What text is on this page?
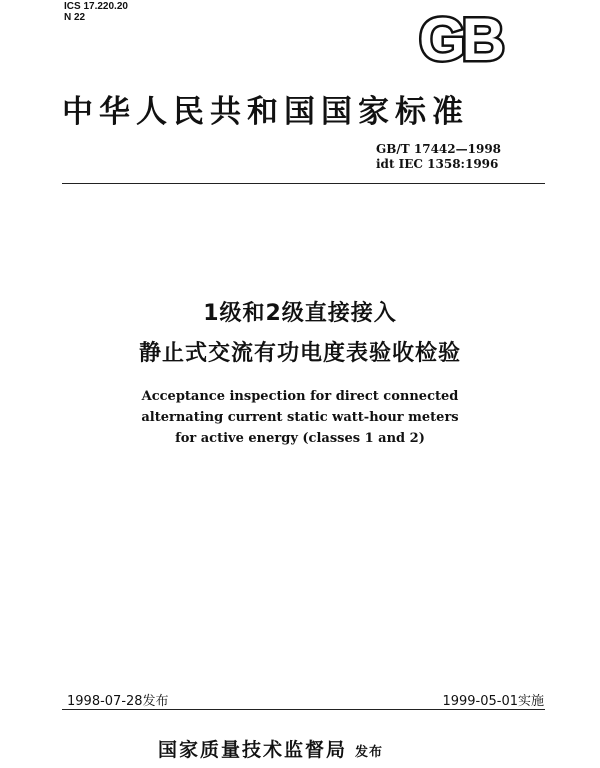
ICS 17.220.20
N 22	GB
中华人民共和国国家标准
GB/T 17442—1998
idt IEC 1358:1996
1级和2级直接接入
静止式交流有功电度表验收检验
Acceptance inspection for direct connected
alternating current static watt-hour meters
for active energy (classes 1 and 2)
1998-07-28发布	1999-05-01实施
国家质量技术监督局 发布
